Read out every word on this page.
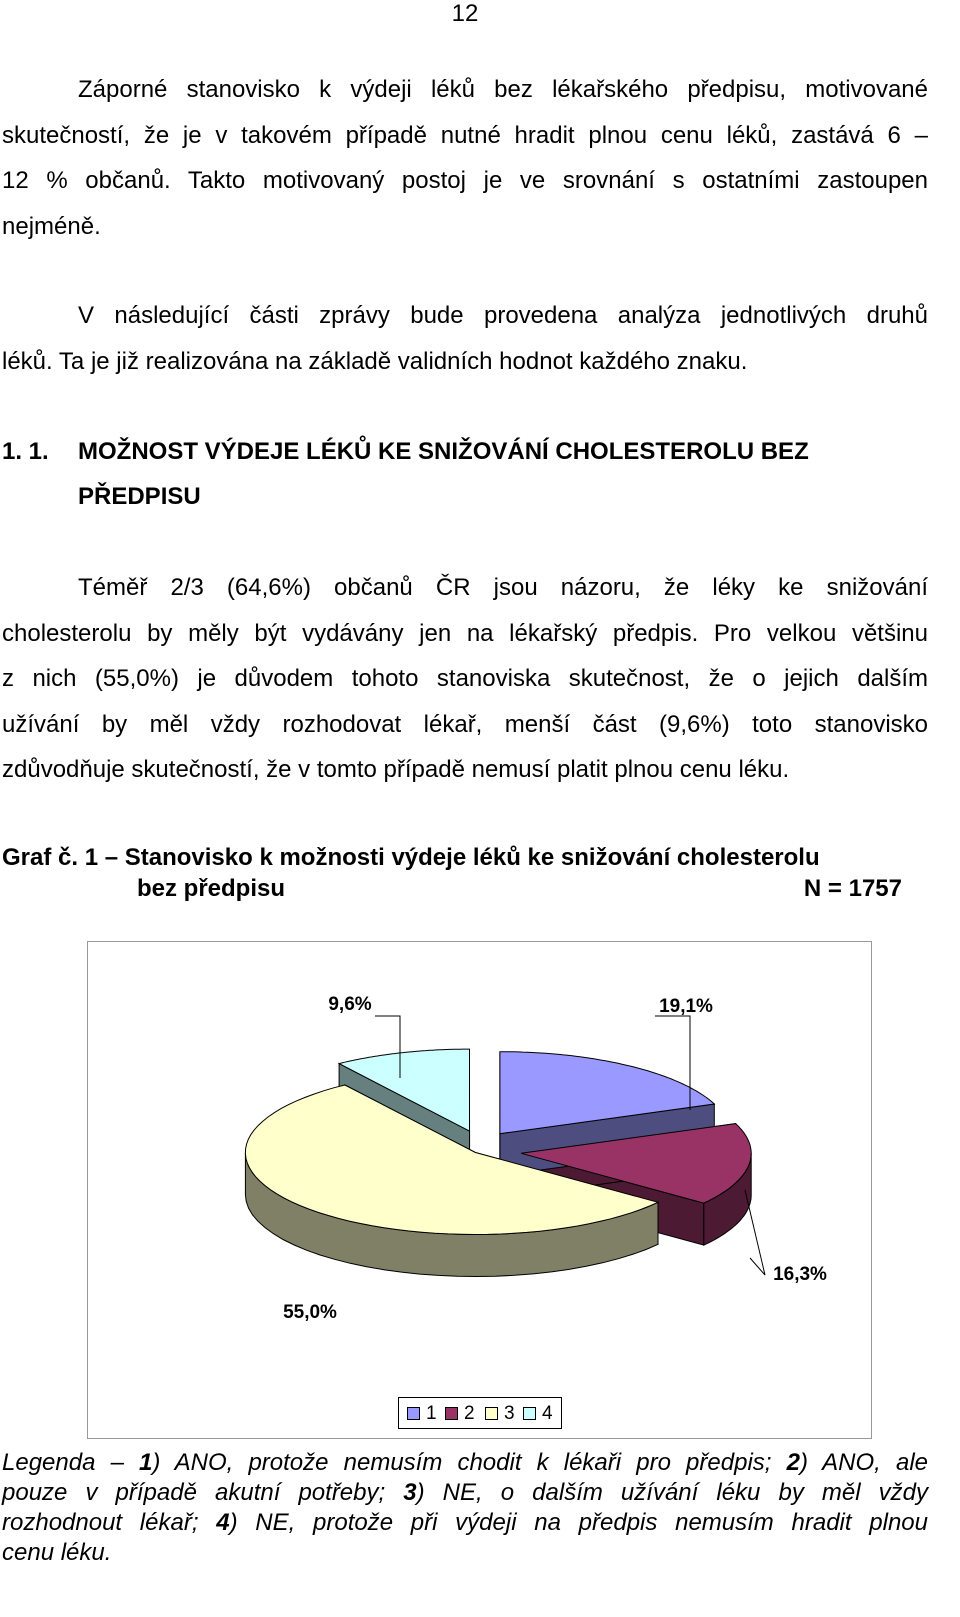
12
Záporné stanovisko k výdeji léků bez lékařského předpisu, motivované
skutečností, že je v takovém případě nutné hradit plnou cenu léků, zastává 6 –
12 % občanů. Takto motivovaný postoj je ve srovnání s ostatními zastoupen
nejméně.
V následující části zprávy bude provedena analýza jednotlivých druhů
léků. Ta je již realizována na základě validních hodnot každého znaku.
1. 1. MOŽNOST VÝDEJE LÉKŮ KE SNIŽOVÁNÍ CHOLESTEROLU BEZ
PŘEDPISU
Téměř 2/3 (64,6%) občanů ČR jsou názoru, že léky ke snižování
cholesterolu by měly být vydávány jen na lékařský předpis. Pro velkou většinu
z nich (55,0%) je důvodem tohoto stanoviska skutečnost, že o jejich dalším
užívání by měl vždy rozhodovat lékař, menší část (9,6%) toto stanovisko
zdůvodňuje skutečností, že v tomto případě nemusí platit plnou cenu léku.
Graf č. 1 – Stanovisko k možnosti výdeje léků ke snižování cholesterolu
bez předpisu	N = 1757
19,1%
16,3%
55,0%
9,6%
1 2 3 4
Legenda – 1) ANO, protože nemusím chodit k lékaři pro předpis; 2) ANO, ale
pouze v případě akutní potřeby; 3) NE, o dalším užívání léku by měl vždy
rozhodnout lékař; 4) NE, protože při výdeji na předpis nemusím hradit plnou
cenu léku.
